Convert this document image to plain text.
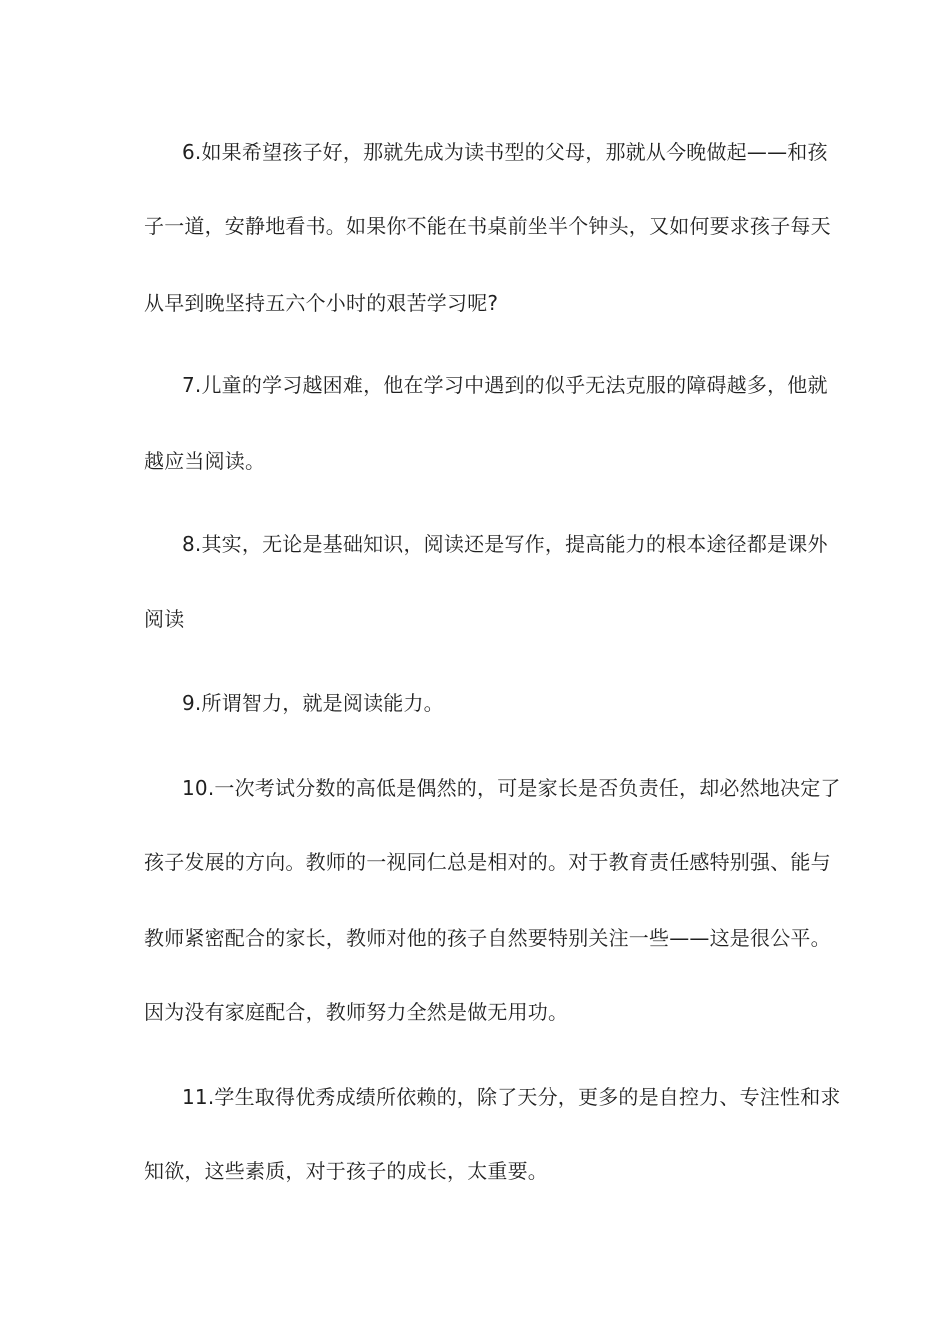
6.如果希望孩子好，那就先成为读书型的父母，那就从今晚做起——和孩
子一道，安静地看书。如果你不能在书桌前坐半个钟头，又如何要求孩子每天
从早到晚坚持五六个小时的艰苦学习呢?
7.儿童的学习越困难，他在学习中遇到的似乎无法克服的障碍越多，他就
越应当阅读。
8.其实，无论是基础知识，阅读还是写作，提高能力的根本途径都是课外
阅读
9.所谓智力，就是阅读能力。
10.一次考试分数的高低是偶然的，可是家长是否负责任，却必然地决定了
孩子发展的方向。教师的一视同仁总是相对的。对于教育责任感特别强、能与
教师紧密配合的家长，教师对他的孩子自然要特别关注一些——这是很公平。
因为没有家庭配合，教师努力全然是做无用功。
11.学生取得优秀成绩所依赖的，除了天分，更多的是自控力、专注性和求
知欲，这些素质，对于孩子的成长，太重要。
